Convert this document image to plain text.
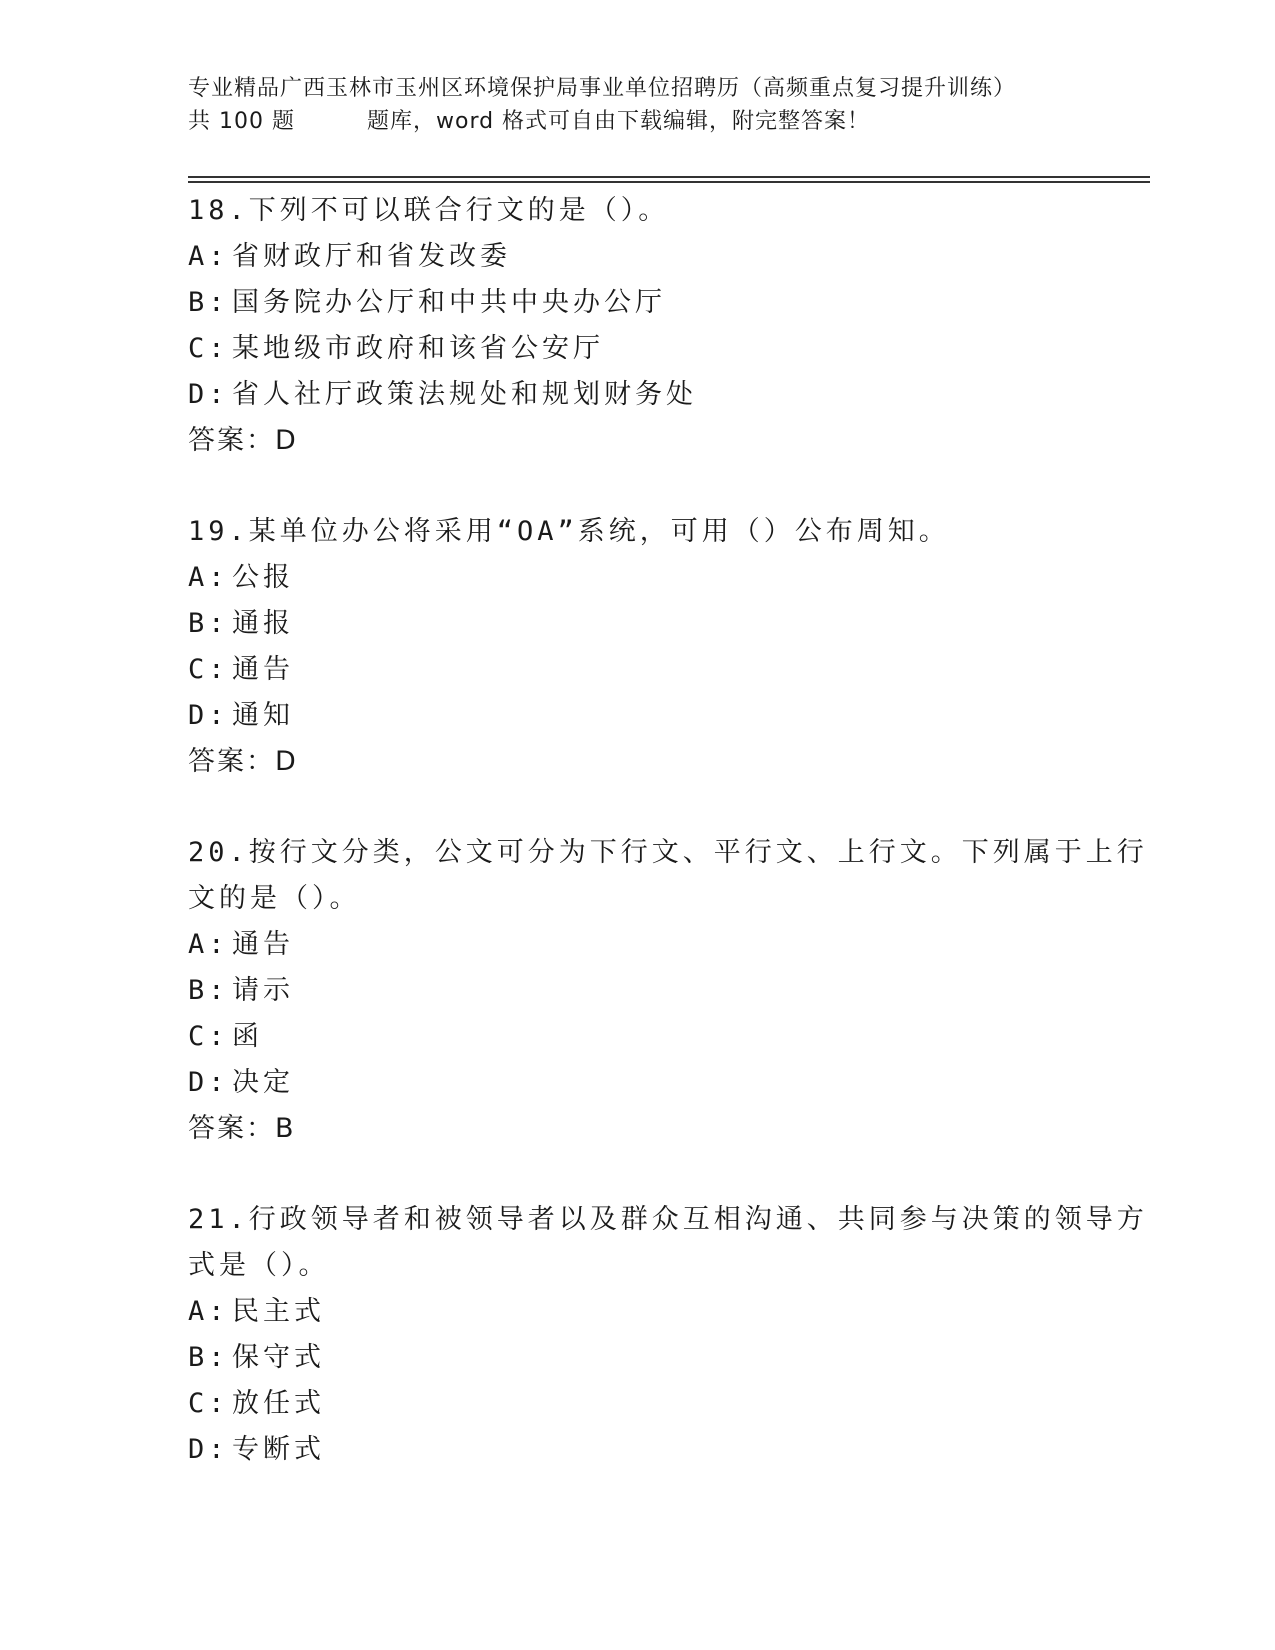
专业精品广西玉林市玉州区环境保护局事业单位招聘历（高频重点复习提升训练）
共 100 题	题库，word 格式可自由下载编辑，附完整答案！
18.下列不可以联合行文的是（）。
A: 省财政厅和省发改委
B: 国务院办公厅和中共中央办公厅
C: 某地级市政府和该省公安厅
D: 省人社厅政策法规处和规划财务处
答案：D
19.某单位办公将采用“OA”系统，可用（）公布周知。
A: 公报
B: 通报
C: 通告
D: 通知
答案：D
20.按行文分类，公文可分为下行文、平行文、上行文。下列属于上行
文的是（）。
A: 通告
B: 请示
C: 函
D: 决定
答案：B
21.行政领导者和被领导者以及群众互相沟通、共同参与决策的领导方
式是（）。
A: 民主式
B: 保守式
C: 放任式
D: 专断式
